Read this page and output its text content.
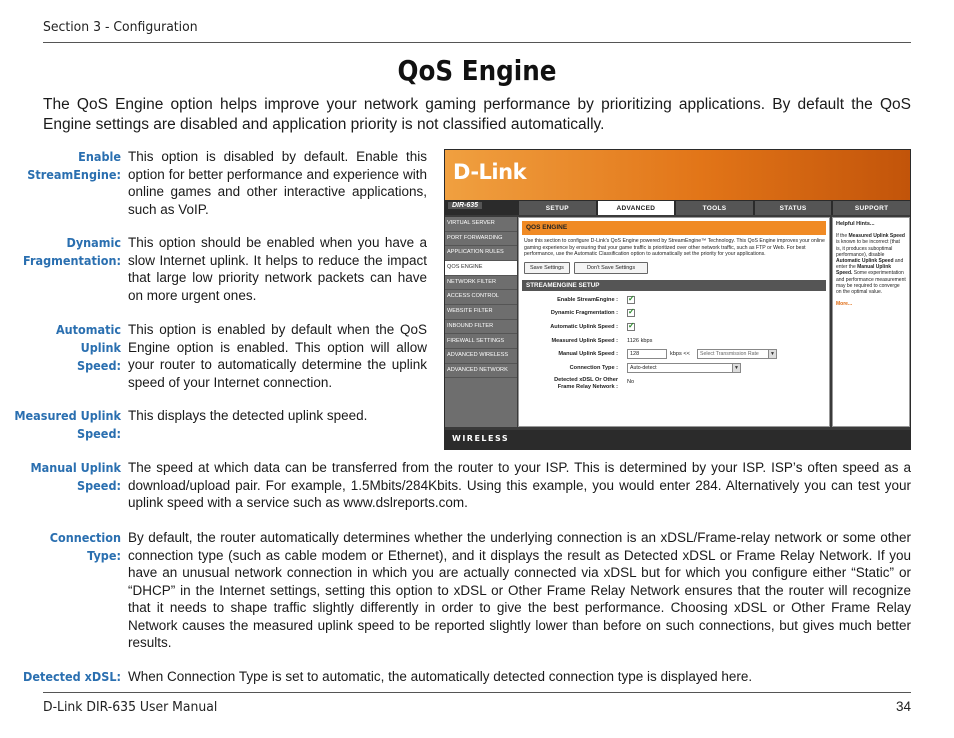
Section 3 - Configuration
QoS Engine

The QoS Engine option helps improve your network gaming performance by prioritizing applications. By default the QoS Engine settings are disabled and application priority is not classified automatically.

Enable
StreamEngine:

This option is disabled by default. Enable this option for better performance and experience with online games and other interactive applications, such as VoIP.

Dynamic
Fragmentation:

This option should be enabled when you have a slow Internet uplink. It helps to reduce the impact that large low priority network packets can have on more urgent ones.

Automatic Uplink
Speed:

This option is enabled by default when the QoS Engine option is enabled. This option will allow your router to automatically determine the uplink speed of your Internet connection.

Measured Uplink
Speed:

This displays the detected uplink speed.

Manual Uplink
Speed:

The speed at which data can be transferred from the router to your ISP. This is determined by your ISP. ISP’s often speed as a download/upload pair. For example, 1.5Mbits/284Kbits. Using this example, you would enter 284. Alternatively you can test your uplink speed with a service such as www.dslreports.com.

Connection Type:

By default, the router automatically determines whether the underlying connection is an xDSL/Frame-relay network or some other connection type (such as cable modem or Ethernet), and it displays the result as Detected xDSL or Frame Relay Network. If you have an unusual network connection in which you are actually connected via xDSL but for which you configure either “Static” or “DHCP” in the Internet settings, setting this option to xDSL or Other Frame Relay Network ensures that the router will recognize that it needs to shape traffic slightly differently in order to give the best performance. Choosing xDSL or Other Frame Relay Network causes the measured uplink speed to be reported slightly lower than before on such connections, but gives much better results.

Detected xDSL: When Connection Type is set to automatic, the automatically detected connection type is displayed here.

D-Link
DIR-635	SETUP	ADVANCED	TOOLS	STATUS	SUPPORT
VIRTUAL SERVER
PORT FORWARDING
APPLICATION RULES
QOS ENGINE
NETWORK FILTER
ACCESS CONTROL
WEBSITE FILTER
INBOUND FILTER
FIREWALL SETTINGS
ADVANCED WIRELESS
ADVANCED NETWORK
QOS ENGINE
Use this section to configure D-Link's QoS Engine powered by StreamEngine™ Technology. This QoS Engine improves your online gaming experience by ensuring that your game traffic is prioritized over other network traffic, such as FTP or Web. For best performance, use the Automatic Classification option to automatically set the priority for your applications.
Save Settings	Don't Save Settings
STREAMENGINE SETUP
Enable StreamEngine :
✓
Dynamic Fragmentation :
✓
Automatic Uplink Speed :
✓
Measured Uplink Speed : 1126 kbps
Manual Uplink Speed :	128	kbps <<	Select Transmission Rate	▼
Connection Type :	Auto-detect	▼
Detected xDSL Or Other
Frame Relay Network :
No
Helpful Hints...
If the Measured Uplink Speed is known to be incorrect (that is, it produces suboptimal performance), disable Automatic Uplink Speed and enter the Manual Uplink Speed. Some experimentation and performance measurement may be required to converge on the optimal value.
More...
WIRELESS
D-Link DIR-635 User Manual	34
